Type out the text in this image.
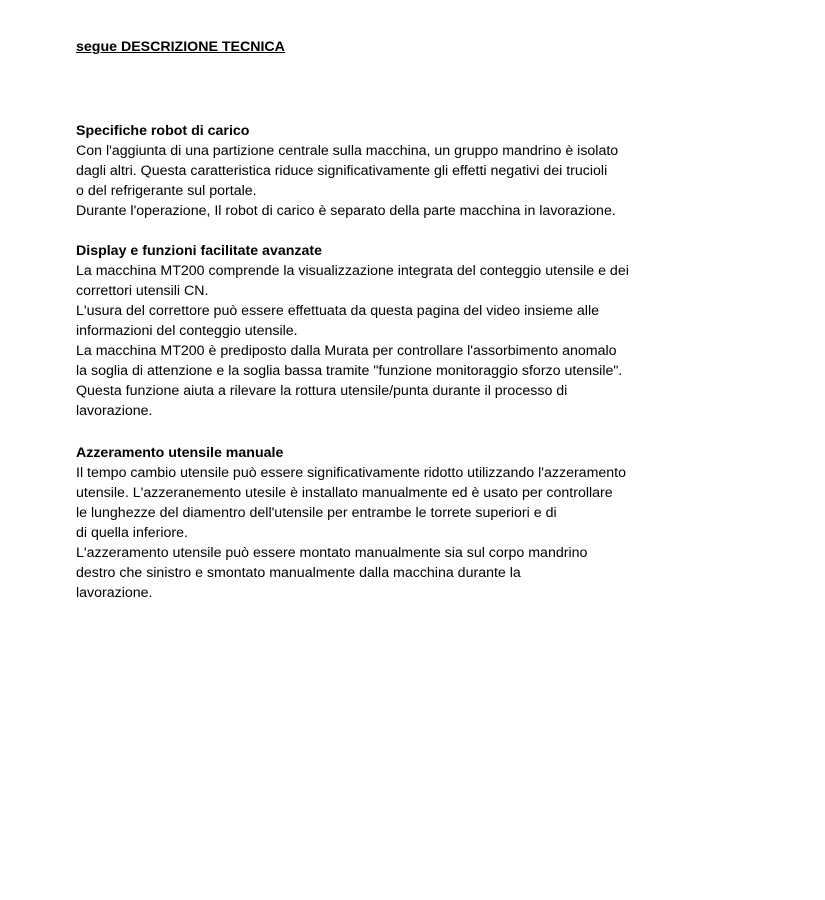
segue DESCRIZIONE TECNICA
Specifiche robot di carico
Con l'aggiunta di una partizione centrale sulla macchina, un gruppo mandrino è isolato
dagli altri. Questa caratteristica riduce significativamente gli effetti negativi dei trucioli
o del refrigerante sul portale.
Durante l'operazione, Il robot di carico è separato della parte macchina in lavorazione.
Display e funzioni facilitate avanzate
La macchina MT200 comprende la visualizzazione integrata del conteggio utensile e dei
correttori utensili CN.
L'usura del correttore può essere effettuata da questa pagina del video insieme alle
informazioni del conteggio utensile.
La macchina MT200 è prediposto dalla Murata per controllare l'assorbimento anomalo
la soglia di attenzione e la soglia bassa tramite "funzione monitoraggio sforzo utensile".
Questa funzione aiuta a rilevare la rottura utensile/punta durante il processo di
lavorazione.
Azzeramento utensile manuale
Il tempo cambio utensile può essere significativamente ridotto utilizzando l'azzeramento
utensile. L'azzeranemento utesile è installato manualmente ed è usato per controllare
le lunghezze del diamentro dell'utensile per entrambe le torrete superiori e di
di quella inferiore.
L'azzeramento utensile può essere montato manualmente sia sul corpo mandrino
destro che sinistro e smontato manualmente dalla macchina durante la
lavorazione.
